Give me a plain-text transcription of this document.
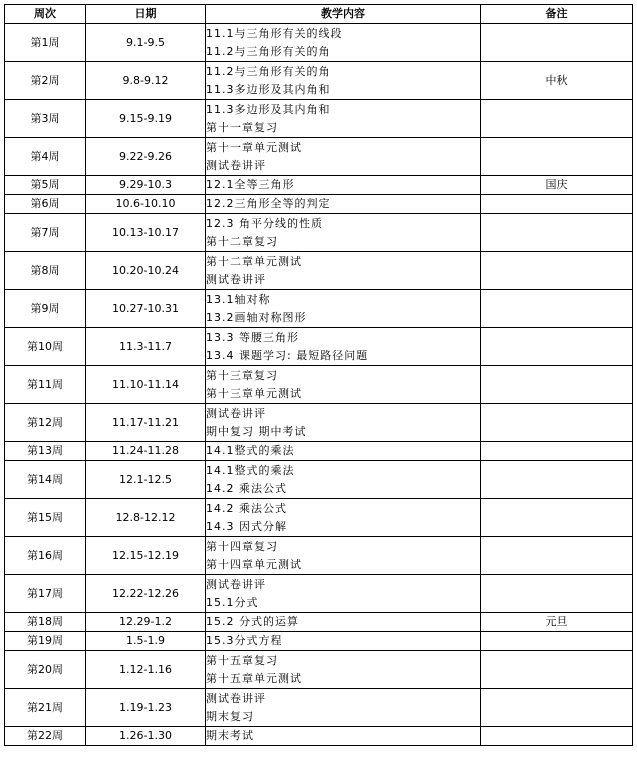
周次	日期	教学内容	备注
第1周	9.1-9.5	11.1与三角形有关的线段
11.2与三角形有关的角	

第2周	9.8-9.12	11.2与三角形有关的角
11.3多边形及其内角和	中秋
第3周	9.15-9.19	11.3多边形及其内角和
第十一章复习	

第4周	9.22-9.26	第十一章单元测试
测试卷讲评	

第5周	9.29-10.3	12.1全等三角形	国庆
第6周	10.6-10.10	12.2三角形全等的判定	

第7周	10.13-10.17	12.3 角平分线的性质
第十二章复习	

第8周	10.20-10.24	第十二章单元测试
测试卷讲评	

第9周	10.27-10.31	13.1轴对称
13.2画轴对称图形	

第10周	11.3-11.7	13.3 等腰三角形
13.4 课题学习: 最短路径问题	

第11周	11.10-11.14	第十三章复习
第十三章单元测试	

第12周	11.17-11.21	测试卷讲评
期中复习 期中考试	

第13周	11.24-11.28	14.1整式的乘法	

第14周	12.1-12.5	14.1整式的乘法
14.2 乘法公式	

第15周	12.8-12.12	14.2 乘法公式
14.3 因式分解	

第16周	12.15-12.19	第十四章复习
第十四章单元测试	

第17周	12.22-12.26	测试卷讲评
15.1分式	

第18周	12.29-1.2	15.2 分式的运算	元旦
第19周	1.5-1.9	15.3分式方程	

第20周	1.12-1.16	第十五章复习
第十五章单元测试	

第21周	1.19-1.23	测试卷讲评
期末复习	

第22周	1.26-1.30	期末考试	
